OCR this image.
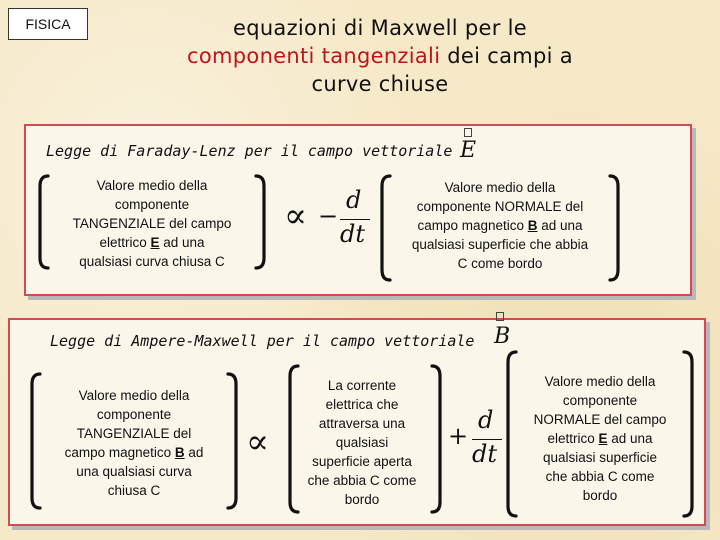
FISICA	equazioni di Maxwell per le
componenti tangenziali dei campi a
curve chiuse
Legge di Faraday-Lenz per il campo vettoriale E
Valore medio della
componente
TANGENZIALE del campo
elettrico E ad una
qualsiasi curva chiusa C
∝ −
d
dt
Valore medio della
componente NORMALE del
campo magnetico B ad una
qualsiasi superficie che abbia
C come bordo
Legge di Ampere-Maxwell per il campo vettoriale B
Valore medio della
componente
TANGENZIALE del
campo magnetico B ad
una qualsiasi curva
chiusa C
∝
La corrente
elettrica che
attraversa una
qualsiasi
superficie aperta
che abbia C come
bordo
+
d
dt
Valore medio della
componente
NORMALE del campo
elettrico E ad una
qualsiasi superficie
che abbia C come
bordo
